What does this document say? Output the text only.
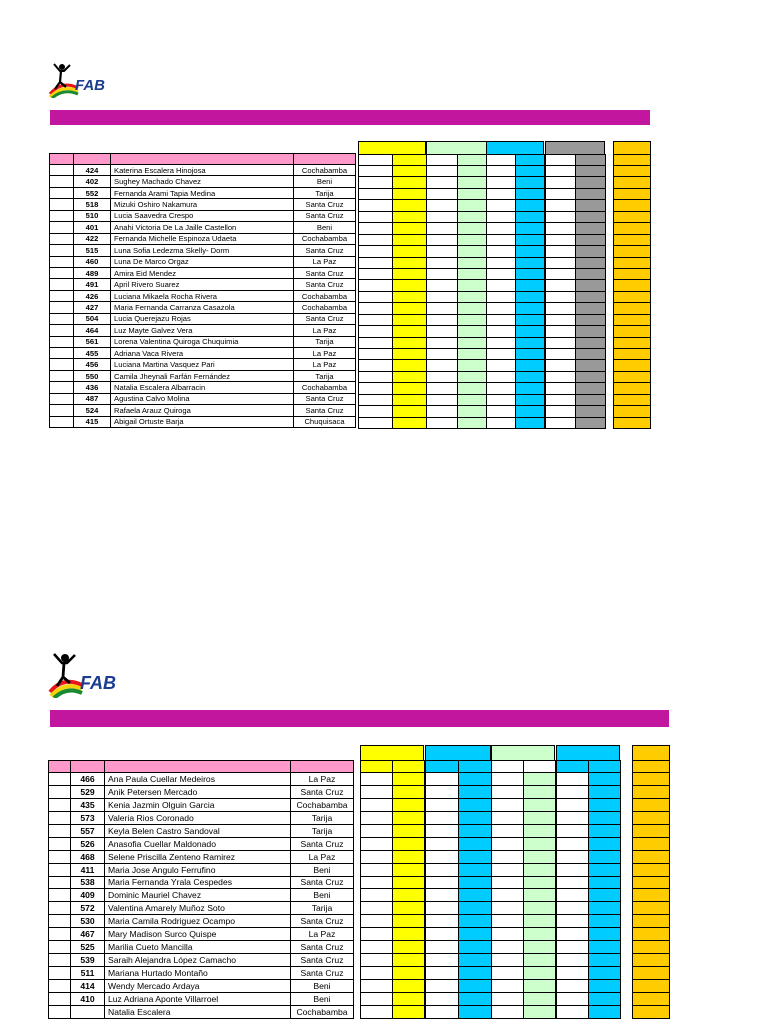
FAB

	424	Katerina Escalera Hinojosa	Cochabamba
	402	Sughey Machado Chavez	Beni
	552	Fernanda Arami Tapia Medina	Tarija
	518	Mizuki Oshiro Nakamura	Santa Cruz
	510	Lucia Saavedra Crespo	Santa Cruz
	401	Anahi Victoria De La Jaille Castellon	Beni
	422	Fernanda Michelle Espinoza Udaeta	Cochabamba
	515	Luna Sofia Ledezma Skelly- Dorm	Santa Cruz
	460	Luna De Marco Orgaz	La Paz
	489	Amira Eid Mendez	Santa Cruz
	491	April Rivero Suarez	Santa Cruz
	426	Luciana Mikaela Rocha Rivera	Cochabamba
	427	Maria Fernanda Carranza Casazola	Cochabamba
	504	Lucia Querejazu Rojas	Santa Cruz
	464	Luz Mayte Galvez Vera	La Paz
	561	Lorena Valentina Quiroga Chuquimia	Tarija
	455	Adriana Vaca Rivera	La Paz
	456	Luciana Martina Vasquez Pari	La Paz
	550	Camila Jheynali Farfán Fernández	Tarija
	436	Natalia Escalera Albarracin	Cochabamba
	487	Agustina Calvo Molina	Santa Cruz
	524	Rafaela Arauz Quiroga	Santa Cruz
	415	Abigail Ortuste Barja	Chuquisaca
FAB

	466	Ana Paula Cuellar Medeiros	La Paz
	529	Anik Petersen Mercado	Santa Cruz
	435	Kenia Jazmin Olguin Garcia	Cochabamba
	573	Valeria Rios Coronado	Tarija
	557	Keyla Belen Castro Sandoval	Tarija
	526	Anasofia Cuellar Maldonado	Santa Cruz
	468	Selene Priscilla Zenteno Ramirez	La Paz
	411	Maria Jose Angulo Ferrufino	Beni
	538	Maria Fernanda Yrala Cespedes	Santa Cruz
	409	Dominic Mauriel Chavez	Beni
	572	Valentina Amarely Muñoz Soto	Tarija
	530	Maria Camila Rodriguez Ocampo	Santa Cruz
	467	Mary Madison Surco Quispe	La Paz
	525	Marilia Cueto Mancilla	Santa Cruz
	539	Saraih Alejandra López Camacho	Santa Cruz
	511	Mariana Hurtado Montaño	Santa Cruz
	414	Wendy Mercado Ardaya	Beni
	410	Luz Adriana Aponte Villarroel	Beni
		Natalia Escalera	Cochabamba
